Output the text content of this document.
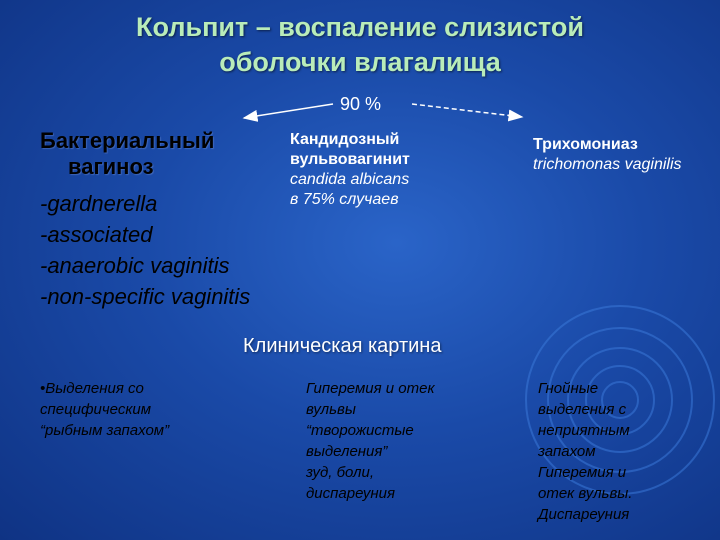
Кольпит – воспаление слизистой
оболочки влагалища
90 %
Бактериальный
вагиноз
-gardnerella
-associated
-anaerobic vaginitis
-non-specific vaginitis
Кандидозный
вульвовагинит
candida albicans
в 75% случаев
Трихомониаз
trichomonas vaginilis
Клиническая картина
•Выделения со
специфическим
“рыбным запахом”
Гиперемия и отек
вульвы
“творожистые
выделения”
зуд, боли,
диспареуния
Гнойные
выделения с
неприятным
запахом
Гиперемия и
отек вульвы.
Диспареуния
